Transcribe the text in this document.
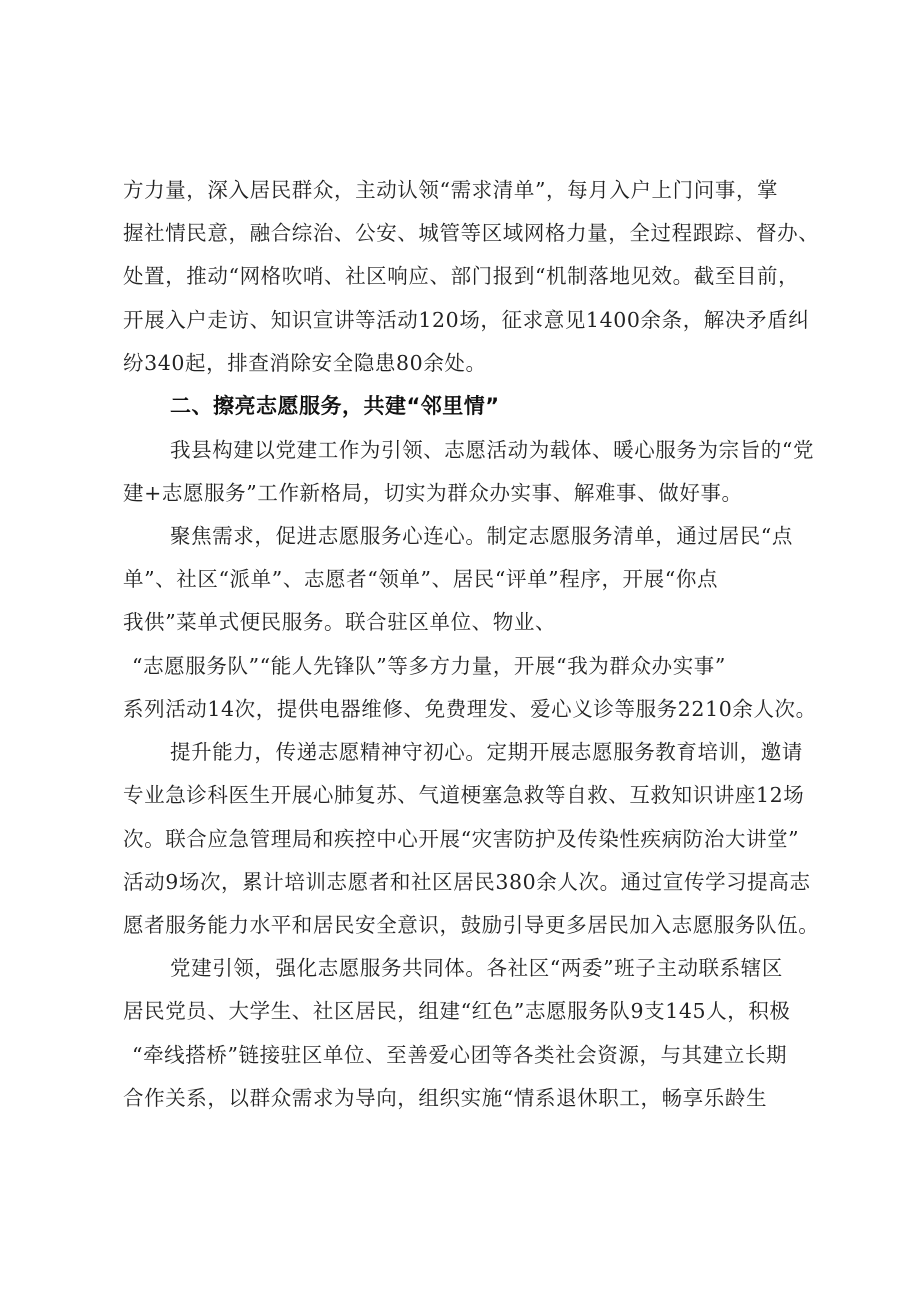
方力量，深入居民群众，主动认领“需求清单”，每月入户上门问事，掌
握社情民意，融合综治、公安、城管等区域网格力量，全过程跟踪、督办、
处置，推动“网格吹哨、社区响应、部门报到“机制落地见效。截至目前，
开展入户走访、知识宣讲等活动120场，征求意见1400余条，解决矛盾纠
纷340起，排查消除安全隐患80余处。
二、擦亮志愿服务，共建“邻里情”
我县构建以党建工作为引领、志愿活动为载体、暖心服务为宗旨的“党
建+志愿服务”工作新格局，切实为群众办实事、解难事、做好事。
聚焦需求，促进志愿服务心连心。制定志愿服务清单，通过居民“点
单”、社区“派单”、志愿者“领单”、居民“评单”程序，开展“你点
我供”菜单式便民服务。联合驻区单位、物业、
“志愿服务队”“能人先锋队”等多方力量，开展“我为群众办实事”
系列活动14次，提供电器维修、免费理发、爱心义诊等服务2210余人次。
提升能力，传递志愿精神守初心。定期开展志愿服务教育培训，邀请
专业急诊科医生开展心肺复苏、气道梗塞急救等自救、互救知识讲座12场
次。联合应急管理局和疾控中心开展“灾害防护及传染性疾病防治大讲堂”
活动9场次，累计培训志愿者和社区居民380余人次。通过宣传学习提高志
愿者服务能力水平和居民安全意识，鼓励引导更多居民加入志愿服务队伍。
党建引领，强化志愿服务共同体。各社区“两委”班子主动联系辖区
居民党员、大学生、社区居民，组建“红色”志愿服务队9支145人，积极
“牵线搭桥”链接驻区单位、至善爱心团等各类社会资源，与其建立长期
合作关系，以群众需求为导向，组织实施“情系退休职工，畅享乐龄生
